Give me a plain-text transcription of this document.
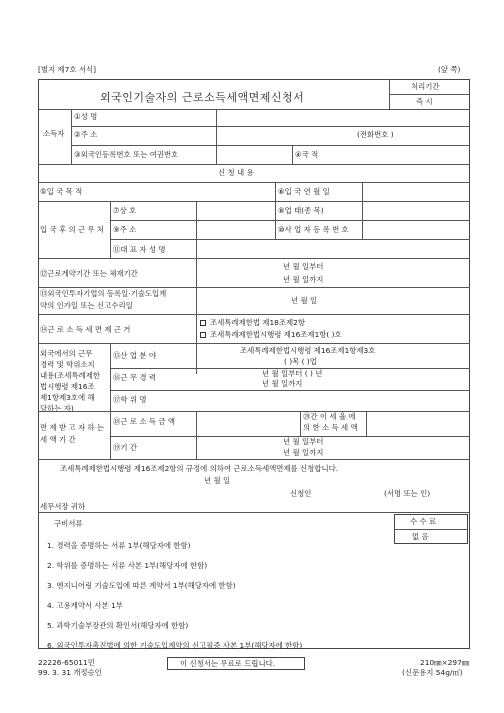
[별지 제7호 서식]	(앞 쪽)
외국인기술자의 근로소득세액면제신청서
처리기간
즉 시
소득자
①성 명
②주 소	(전화번호 )
③외국인등록번호 또는 여권번호	④국 적
신 청 내 용
⑤입 국 목 적	⑥입 국 연 월 일
입 국 후 의 근 무 처
⑦상 호	⑧업 태(종 목)
⑨주 소	⑩사 업 자 등 록 번 호
⑪대 표 자 성 명
⑫근로계약기간 또는 체재기간
년 월 일부터
년 월 일까지
⑬외국인투자기업의 등록일·기술도입계
약의 인가일 또는 신고수리일
년 월 일
⑭근 로 소 득 세 면 제 근 거
조세특례제한법 제18조제2항
조세특례제한법시행령 제16조제1항( )호
외국에서의 근무
경력 및 학위소지
내용(조세특례제한
법시행령 제16조
제1항제3호에 해
당하는 자)
⑮산 업 분 야
조세특례제한법시행령 제16조제1항제3호
( )목 ( )업
⑯근 무 경 력	년 월 일부터 ( ) 년
년 월 일까지
⑰학 위 명
면 제 받 고 자 하 는
세 액 기 간
⑱근 로 소 득 금 액
⑳간 이 세 율 에
의 한 소 득 세 액
⑲기 간
년 월 일부터
년 월 일까지
조세특례제한법시행령 제16조제2항의 규정에 의하여 근로소득세액면제를 신청합니다.
년 월 일
신청인	(서명 또는 인)
세무서장 귀하
구비서류
1. 경력을 증명하는 서류 1부(해당자에 한함)
2. 학위를 증명하는 서류 사본 1부(해당자에 한함)
3. 엔지니어링 기술도입에 따른 계약서 1부(해당자에 한함)
4. 고용계약서 사본 1부
5. 과학기술부장관의 확인서(해당자에 한함)
6. 외국인투자촉진법에 의한 기술도입계약의 신고필증 사본 1부(해당자에 한함)
수 수 료
없 음
22226-65011민
99. 3. 31 개정승인
이 신청서는 무료로 드립니다.	210㎜×297㎜
(신문용지 54g/㎡)
